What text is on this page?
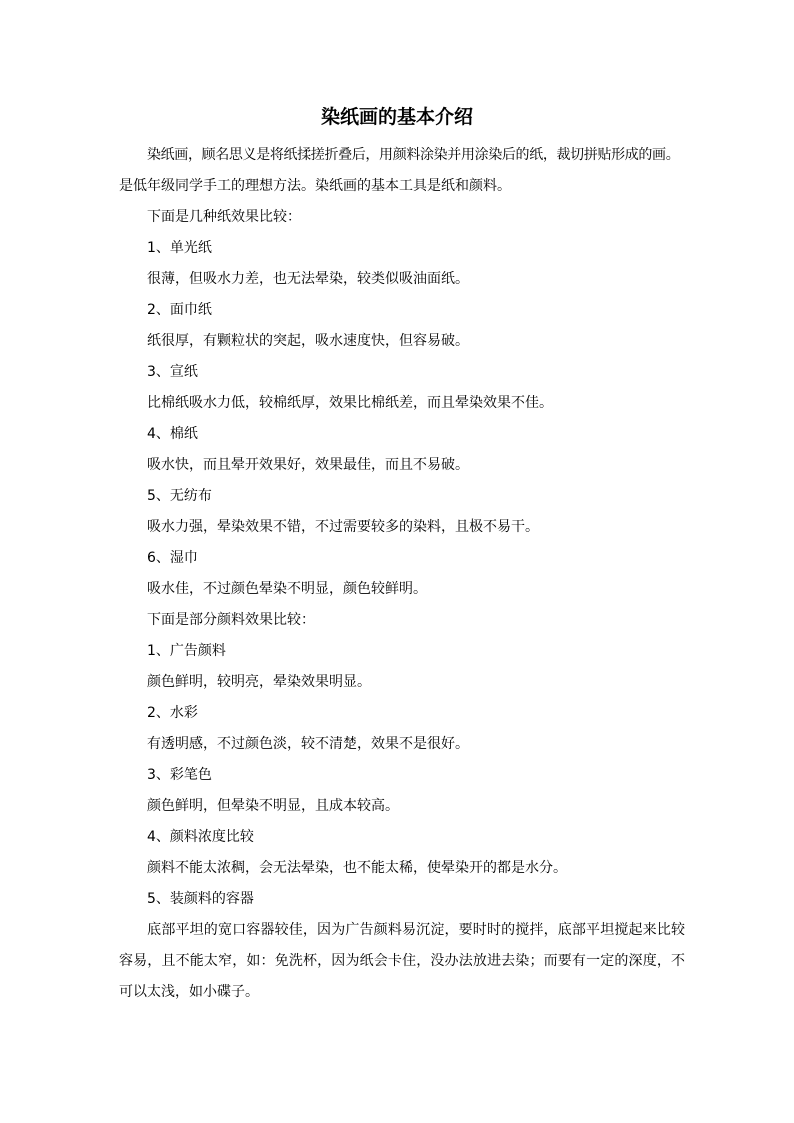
染纸画的基本介绍

染纸画，顾名思义是将纸揉搓折叠后，用颜料涂染并用涂染后的纸，裁切拼贴形成的画。

是低年级同学手工的理想方法。染纸画的基本工具是纸和颜料。

下面是几种纸效果比较：

1、单光纸

很薄，但吸水力差，也无法晕染，较类似吸油面纸。

2、面巾纸

纸很厚，有颗粒状的突起，吸水速度快，但容易破。

3、宣纸

比棉纸吸水力低，较棉纸厚，效果比棉纸差，而且晕染效果不佳。

4、棉纸

吸水快，而且晕开效果好，效果最佳，而且不易破。

5、无纺布

吸水力强，晕染效果不错，不过需要较多的染料，且极不易干。

6、湿巾

吸水佳，不过颜色晕染不明显，颜色较鲜明。

下面是部分颜料效果比较：

1、广告颜料

颜色鲜明，较明亮，晕染效果明显。

2、水彩

有透明感，不过颜色淡，较不清楚，效果不是很好。

3、彩笔色

颜色鲜明，但晕染不明显，且成本较高。

4、颜料浓度比较

颜料不能太浓稠，会无法晕染，也不能太稀，使晕染开的都是水分。

5、装颜料的容器

底部平坦的宽口容器较佳，因为广告颜料易沉淀，要时时的搅拌，底部平坦搅起来比较容易，且不能太窄，如：免洗杯，因为纸会卡住，没办法放进去染；而要有一定的深度，不可以太浅，如小碟子。
